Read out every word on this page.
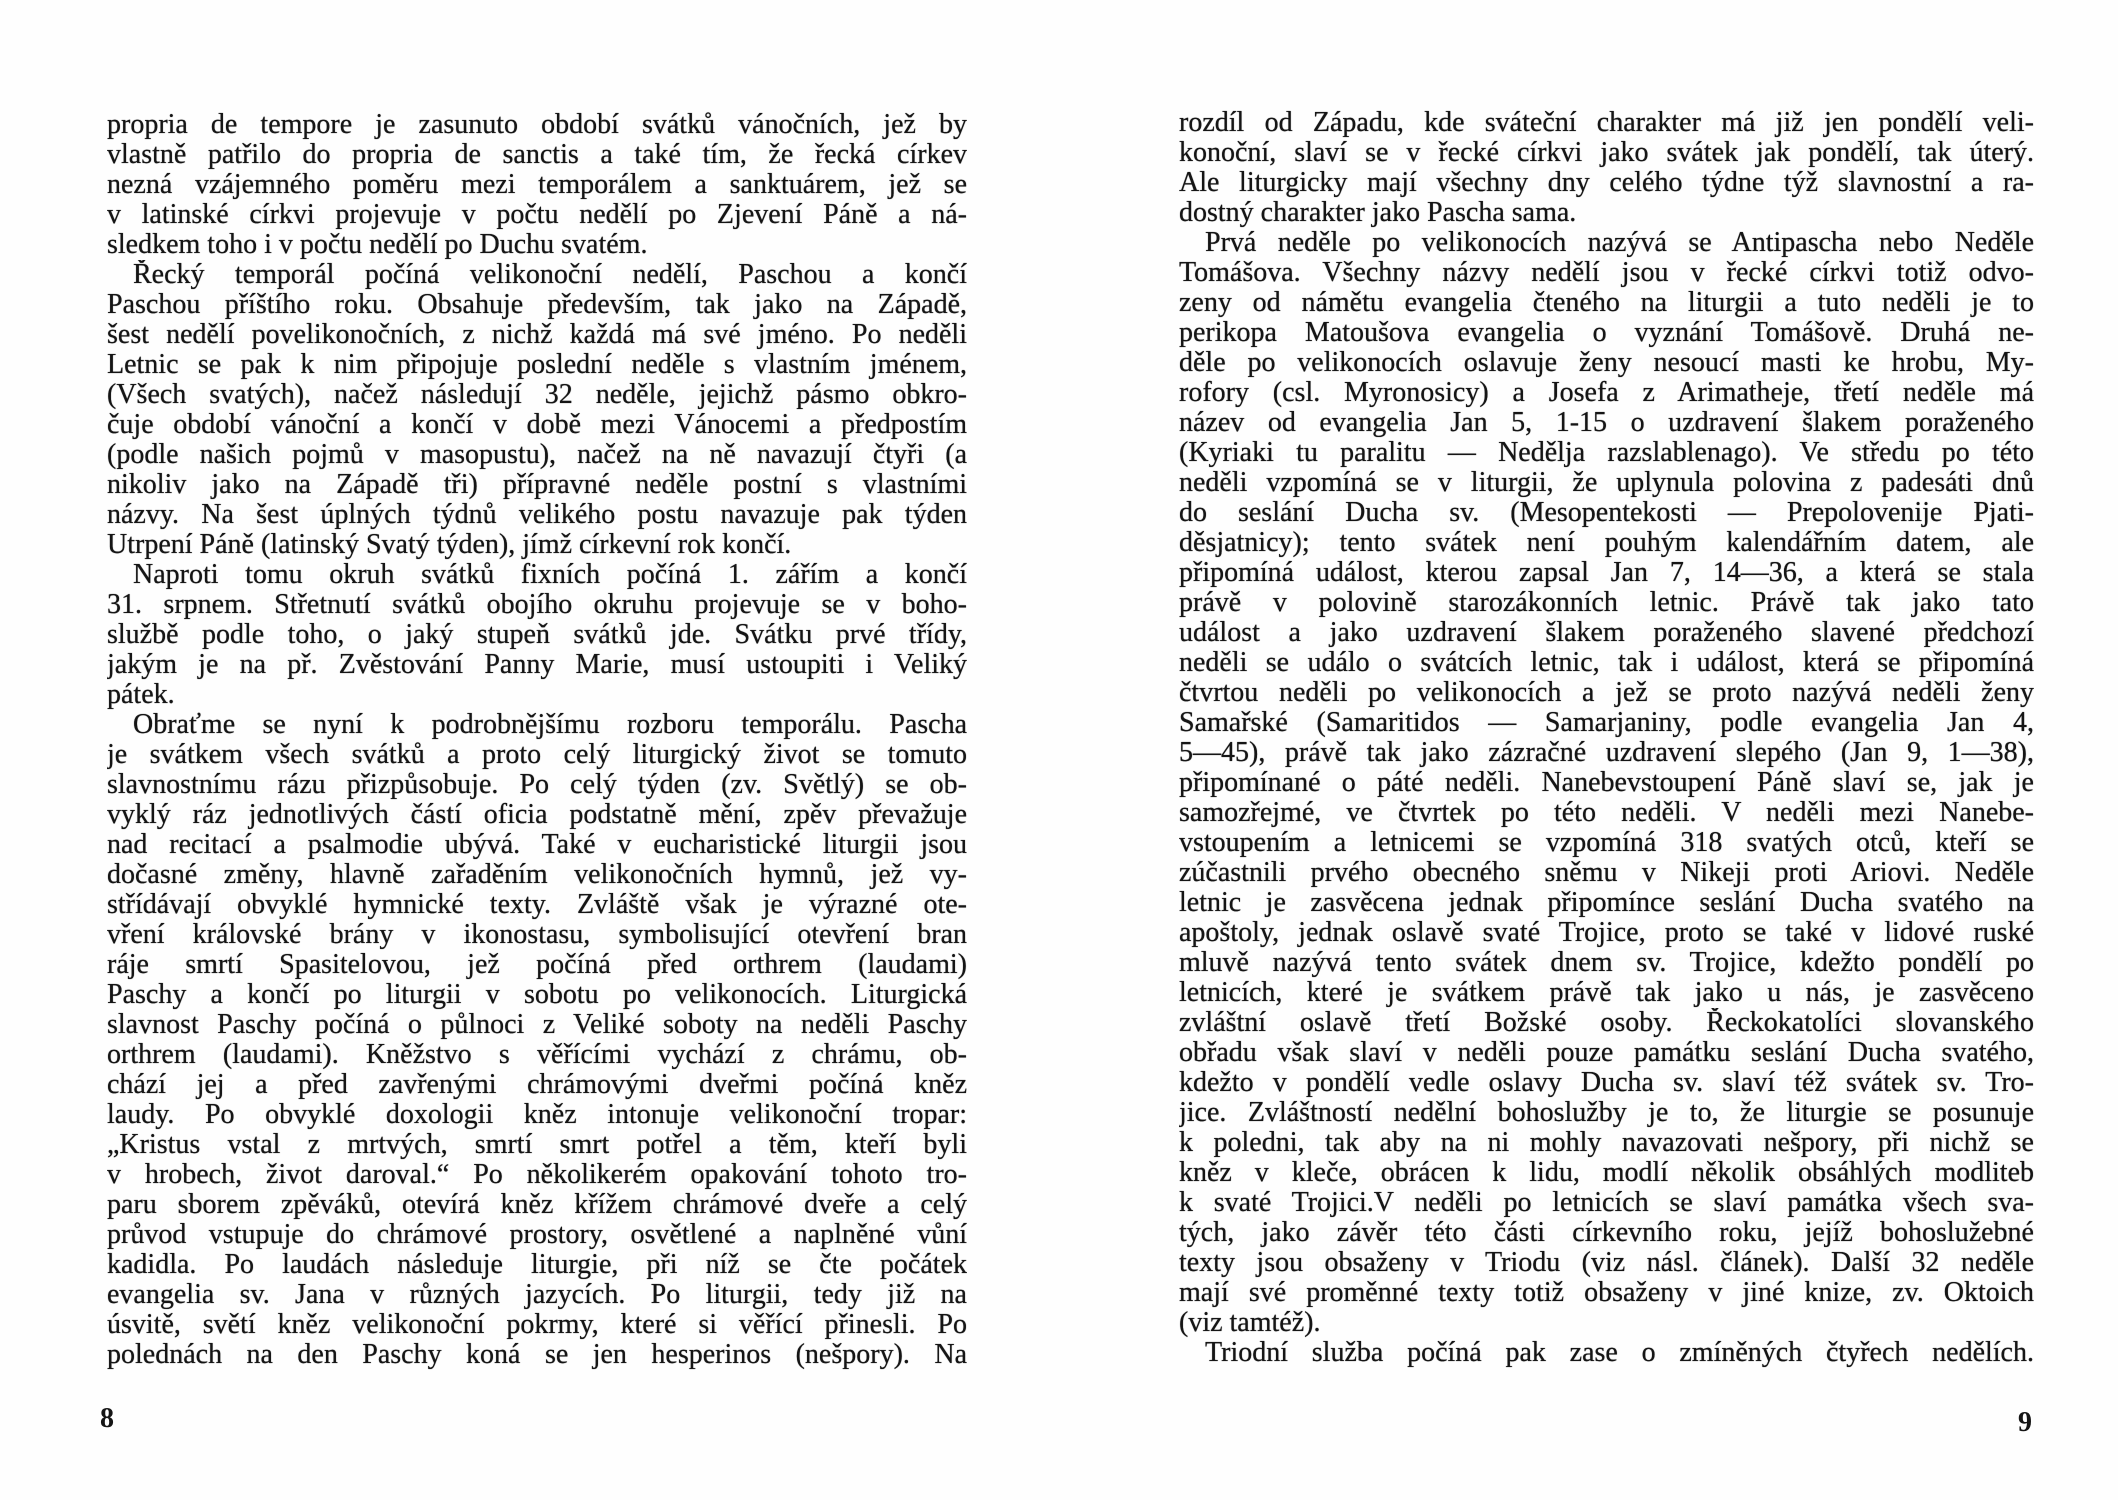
propria de tempore je zasunuto období svátků vánočních, jež by
vlastně patřilo do propria de sanctis a také tím, že řecká církev
nezná vzájemného poměru mezi temporálem a sanktuárem, jež se
v latinské církvi projevuje v počtu nedělí po Zjevení Páně a ná-
sledkem toho i v počtu nedělí po Duchu svatém.
Řecký temporál počíná velikonoční nedělí, Paschou a končí
Paschou příštího roku. Obsahuje především, tak jako na Západě,
šest nedělí povelikonočních, z nichž každá má své jméno. Po neděli
Letnic se pak k nim připojuje poslední neděle s vlastním jménem,
(Všech svatých), načež následují 32 neděle, jejichž pásmo obkro-
čuje období vánoční a končí v době mezi Vánocemi a předpostím
(podle našich pojmů v masopustu), načež na ně navazují čtyři (a
nikoliv jako na Západě tři) přípravné neděle postní s vlastními
názvy. Na šest úplných týdnů velikého postu navazuje pak týden
Utrpení Páně (latinský Svatý týden), jímž církevní rok končí.
Naproti tomu okruh svátků fixních počíná 1. zářím a končí
31. srpnem. Střetnutí svátků obojího okruhu projevuje se v boho-
službě podle toho, o jaký stupeň svátků jde. Svátku prvé třídy,
jakým je na př. Zvěstování Panny Marie, musí ustoupiti i Veliký
pátek.
Obraťme se nyní k podrobnějšímu rozboru temporálu. Pascha
je svátkem všech svátků a proto celý liturgický život se tomuto
slavnostnímu rázu přizpůsobuje. Po celý týden (zv. Světlý) se ob-
vyklý ráz jednotlivých částí oficia podstatně mění, zpěv převažuje
nad recitací a psalmodie ubývá. Také v eucharistické liturgii jsou
dočasné změny, hlavně zařaděním velikonočních hymnů, jež vy-
střídávají obvyklé hymnické texty. Zvláště však je výrazné ote-
vření královské brány v ikonostasu, symbolisující otevření bran
ráje smrtí Spasitelovou, jež počíná před orthrem (laudami)
Paschy a končí po liturgii v sobotu po velikonocích. Liturgická
slavnost Paschy počíná o půlnoci z Veliké soboty na neděli Paschy
orthrem (laudami). Kněžstvo s věřícími vychází z chrámu, ob-
chází jej a před zavřenými chrámovými dveřmi počíná kněz
laudy. Po obvyklé doxologii kněz intonuje velikonoční tropar:
„Kristus vstal z mrtvých, smrtí smrt potřel a těm, kteří byli
v hrobech, život daroval.“ Po několikerém opakování tohoto tro-
paru sborem zpěváků, otevírá kněz křížem chrámové dveře a celý
průvod vstupuje do chrámové prostory, osvětlené a naplněné vůní
kadidla. Po laudách následuje liturgie, při níž se čte počátek
evangelia sv. Jana v různých jazycích. Po liturgii, tedy již na
úsvitě, světí kněz velikonoční pokrmy, které si věřící přinesli. Po
polednách na den Paschy koná se jen hesperinos (nešpory). Na
8
rozdíl od Západu, kde sváteční charakter má již jen pondělí veli-
konoční, slaví se v řecké církvi jako svátek jak pondělí, tak úterý.
Ale liturgicky mají všechny dny celého týdne týž slavnostní a ra-
dostný charakter jako Pascha sama.
Prvá neděle po velikonocích nazývá se Antipascha nebo Neděle
Tomášova. Všechny názvy nedělí jsou v řecké církvi totiž odvo-
zeny od námětu evangelia čteného na liturgii a tuto neděli je to
perikopa Matoušova evangelia o vyznání Tomášově. Druhá ne-
děle po velikonocích oslavuje ženy nesoucí masti ke hrobu, My-
rofory (csl. Myronosicy) a Josefa z Arimatheje, třetí neděle má
název od evangelia Jan 5, 1-15 o uzdravení šlakem poraženého
(Kyriaki tu paralitu — Nedělja razslablenago). Ve středu po této
neděli vzpomíná se v liturgii, že uplynula polovina z padesáti dnů
do seslání Ducha sv. (Mesopentekosti — Prepolovenije Pjati-
děsjatnicy); tento svátek není pouhým kalendářním datem, ale
připomíná událost, kterou zapsal Jan 7, 14—36, a která se stala
právě v polovině starozákonních letnic. Právě tak jako tato
událost a jako uzdravení šlakem poraženého slavené předchozí
neděli se událo o svátcích letnic, tak i událost, která se připomíná
čtvrtou neděli po velikonocích a jež se proto nazývá neděli ženy
Samařské (Samaritidos — Samarjaniny, podle evangelia Jan 4,
5—45), právě tak jako zázračné uzdravení slepého (Jan 9, 1—38),
připomínané o páté neděli. Nanebevstoupení Páně slaví se, jak je
samozřejmé, ve čtvrtek po této neděli. V neděli mezi Nanebe-
vstoupením a letnicemi se vzpomíná 318 svatých otců, kteří se
zúčastnili prvého obecného sněmu v Nikeji proti Ariovi. Neděle
letnic je zasvěcena jednak připomínce seslání Ducha svatého na
apoštoly, jednak oslavě svaté Trojice, proto se také v lidové ruské
mluvě nazývá tento svátek dnem sv. Trojice, kdežto pondělí po
letnicích, které je svátkem právě tak jako u nás, je zasvěceno
zvláštní oslavě třetí Božské osoby. Řeckokatolíci slovanského
obřadu však slaví v neděli pouze památku seslání Ducha svatého,
kdežto v pondělí vedle oslavy Ducha sv. slaví též svátek sv. Tro-
jice. Zvláštností nedělní bohoslužby je to, že liturgie se posunuje
k poledni, tak aby na ni mohly navazovati nešpory, při nichž se
kněz v kleče, obrácen k lidu, modlí několik obsáhlých modliteb
k svaté Trojici.V neděli po letnicích se slaví památka všech sva-
tých, jako závěr této části církevního roku, jejíž bohoslužebné
texty jsou obsaženy v Triodu (viz násl. článek). Další 32 neděle
mají své proměnné texty totiž obsaženy v jiné knize, zv. Oktoich
(viz tamtéž).
Triodní služba počíná pak zase o zmíněných čtyřech nedělích.
9
